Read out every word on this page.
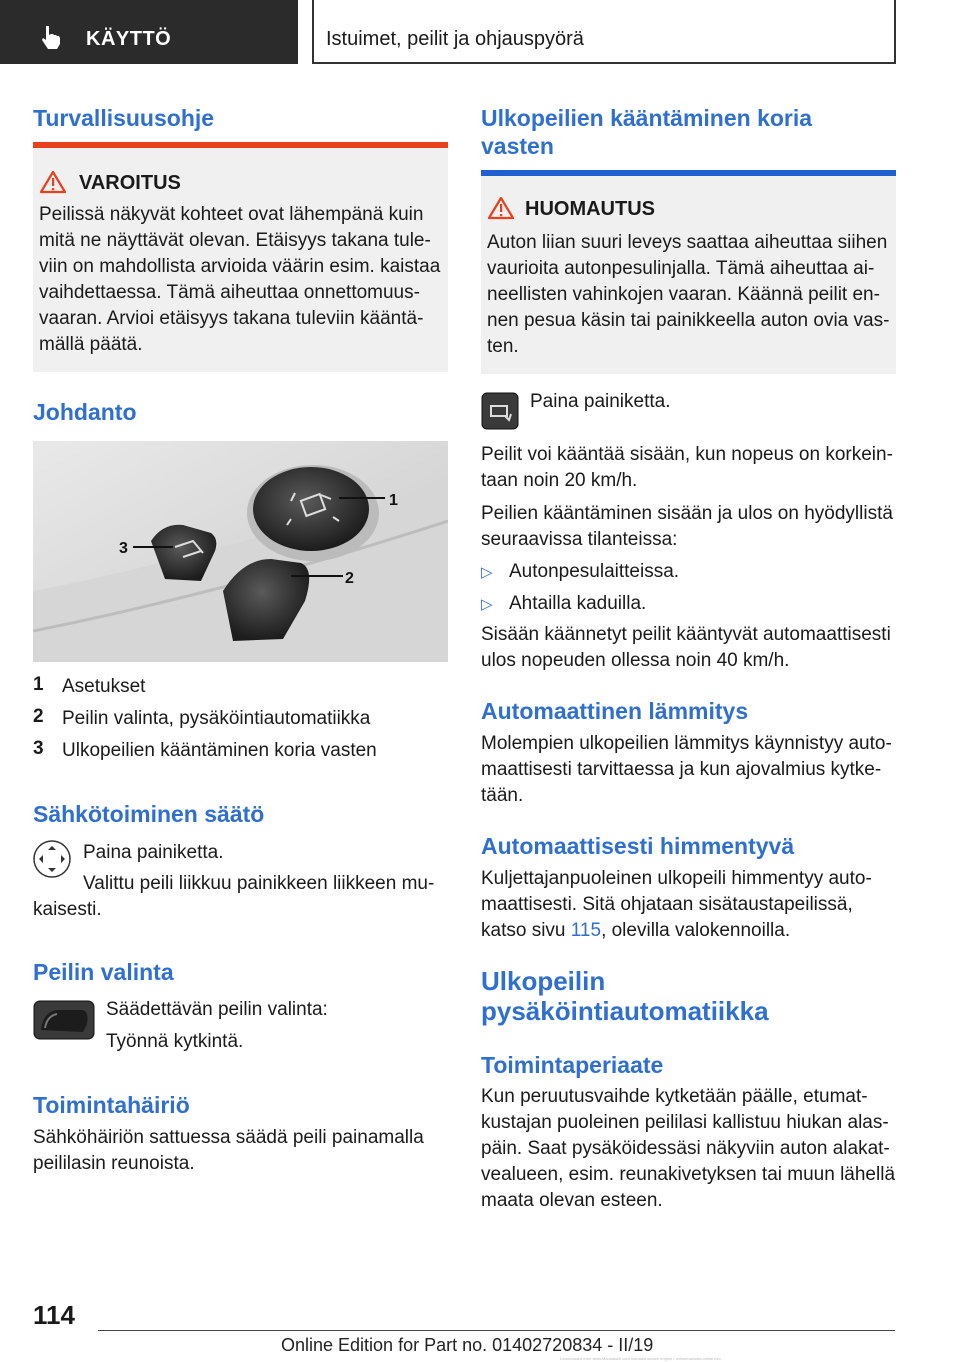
KÄYTTÖ	Istuimet, peilit ja ohjauspyörä
Turvallisuusohje
VAROITUS
Peilissä näkyvät kohteet ovat lähempänä kuin
mitä ne näyttävät olevan. Etäisyys takana tule-
viin on mahdollista arvioida väärin esim. kaistaa
vaihdettaessa. Tämä aiheuttaa onnettomuus-
vaaran. Arvioi etäisyys takana tuleviin kääntä-
mällä päätä.
Johdanto
1
2
3
1 Asetukset
2 Peilin valinta, pysäköintiautomatiikka
3 Ulkopeilien kääntäminen koria vasten
Sähkötoiminen säätö
Paina painiketta.
Valittu peili liikkuu painikkeen liikkeen mu-
kaisesti.
Peilin valinta
Säädettävän peilin valinta:
Työnnä kytkintä.
Toimintahäiriö
Sähköhäiriön sattuessa säädä peili painamalla
peililasin reunoista.
Ulkopeilien kääntäminen koria
vasten
HUOMAUTUS
Auton liian suuri leveys saattaa aiheuttaa siihen
vaurioita autonpesulinjalla. Tämä aiheuttaa ai-
neellisten vahinkojen vaaran. Käännä peilit en-
nen pesua käsin tai painikkeella auton ovia vas-
ten.
Paina painiketta.
Peilit voi kääntää sisään, kun nopeus on korkein-
taan noin 20 km/h.
Peilien kääntäminen sisään ja ulos on hyödyllistä
seuraavissa tilanteissa:
▷ Autonpesulaitteissa.
▷ Ahtailla kaduilla.
Sisään käännetyt peilit kääntyvät automaattisesti
ulos nopeuden ollessa noin 40 km/h.
Automaattinen lämmitys
Molempien ulkopeilien lämmitys käynnistyy auto-
maattisesti tarvittaessa ja kun ajovalmius kytke-
tään.
Automaattisesti himmentyvä
Kuljettajanpuoleinen ulkopeili himmentyy auto-
maattisesti. Sitä ohjataan sisätaustapeilissä,
katso sivu 115, olevilla valokennoilla.
Ulkopeilin
pysäköintiautomatiikka
Toimintaperiaate
Kun peruutusvaihde kytketään päälle, etumat-
kustajan puoleinen peililasi kallistuu hiukan alas-
päin. Saat pysäköidessäsi näkyviin auton alakat-
vealueen, esim. reunakivetyksen tai muun lähellä
maata olevan esteen.
114
Online Edition for Part no. 01402720834 - II/19
Downloaded from www.Manualslib.com manuals search engine / onlinemanuals.online.info
